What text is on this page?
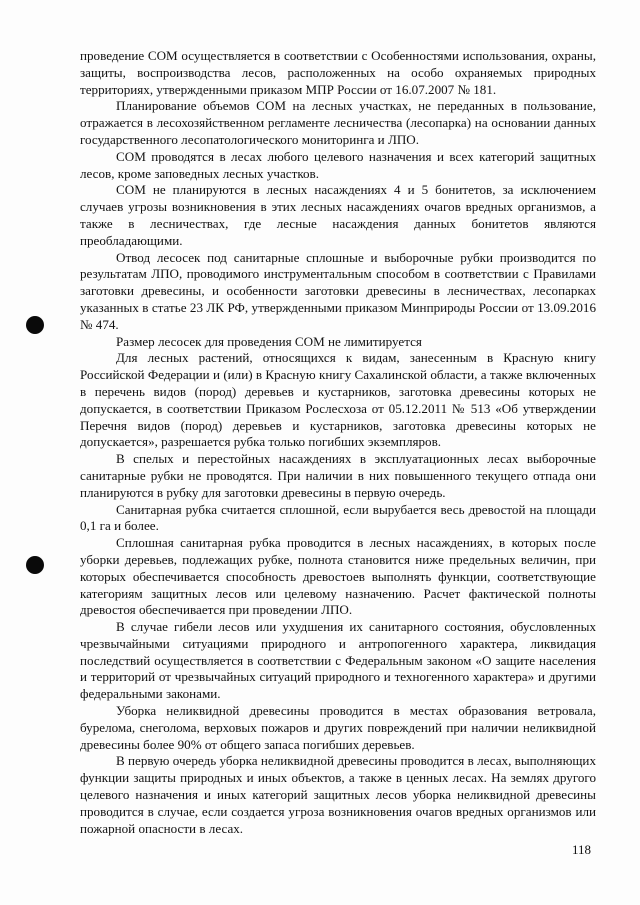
проведение СОМ осуществляется в соответствии с Особенностями использования, охраны, защиты, воспроизводства лесов, расположенных на особо охраняемых природных территориях, утвержденными приказом МПР России от 16.07.2007 № 181.

Планирование объемов СОМ на лесных участках, не переданных в пользование, отражается в лесохозяйственном регламенте лесничества (лесопарка) на основании данных государственного лесопатологического мониторинга и ЛПО.

СОМ проводятся в лесах любого целевого назначения и всех категорий защитных лесов, кроме заповедных лесных участков.

СОМ не планируются в лесных насаждениях 4 и 5 бонитетов, за исключением случаев угрозы возникновения в этих лесных насаждениях очагов вредных организмов, а также в лесничествах, где лесные насаждения данных бонитетов являются преобладающими.

Отвод лесосек под санитарные сплошные и выборочные рубки производится по результатам ЛПО, проводимого инструментальным способом в соответствии с Правилами заготовки древесины, и особенности заготовки древесины в лесничествах, лесопарках указанных в статье 23 ЛК РФ, утвержденными приказом Минприроды России от 13.09.2016 № 474.

Размер лесосек для проведения СОМ не лимитируется

Для лесных растений, относящихся к видам, занесенным в Красную книгу Российской Федерации и (или) в Красную книгу Сахалинской области, а также включенных в перечень видов (пород) деревьев и кустарников, заготовка древесины которых не допускается, в соответствии Приказом Рослесхоза от 05.12.2011 № 513 «Об утверждении Перечня видов (пород) деревьев и кустарников, заготовка древесины которых не допускается», разрешается рубка только погибших экземпляров.

В спелых и перестойных насаждениях в эксплуатационных лесах выборочные санитарные рубки не проводятся. При наличии в них повышенного текущего отпада они планируются в рубку для заготовки древесины в первую очередь.

Санитарная рубка считается сплошной, если вырубается весь древостой на площади 0,1 га и более.

Сплошная санитарная рубка проводится в лесных насаждениях, в которых после уборки деревьев, подлежащих рубке, полнота становится ниже предельных величин, при которых обеспечивается способность древостоев выполнять функции, соответствующие категориям защитных лесов или целевому назначению. Расчет фактической полноты древостоя обеспечивается при проведении ЛПО.

В случае гибели лесов или ухудшения их санитарного состояния, обусловленных чрезвычайными ситуациями природного и антропогенного характера, ликвидация последствий осуществляется в соответствии с Федеральным законом «О защите населения и территорий от чрезвычайных ситуаций природного и техногенного характера» и другими федеральными законами.

Уборка неликвидной древесины проводится в местах образования ветровала, бурелома, снеголома, верховых пожаров и других повреждений при наличии неликвидной древесины более 90% от общего запаса погибших деревьев.

В первую очередь уборка неликвидной древесины проводится в лесах, выполняющих функции защиты природных и иных объектов, а также в ценных лесах. На землях другого целевого назначения и иных категорий защитных лесов уборка неликвидной древесины проводится в случае, если создается угроза возникновения очагов вредных организмов или пожарной опасности в лесах.

118
